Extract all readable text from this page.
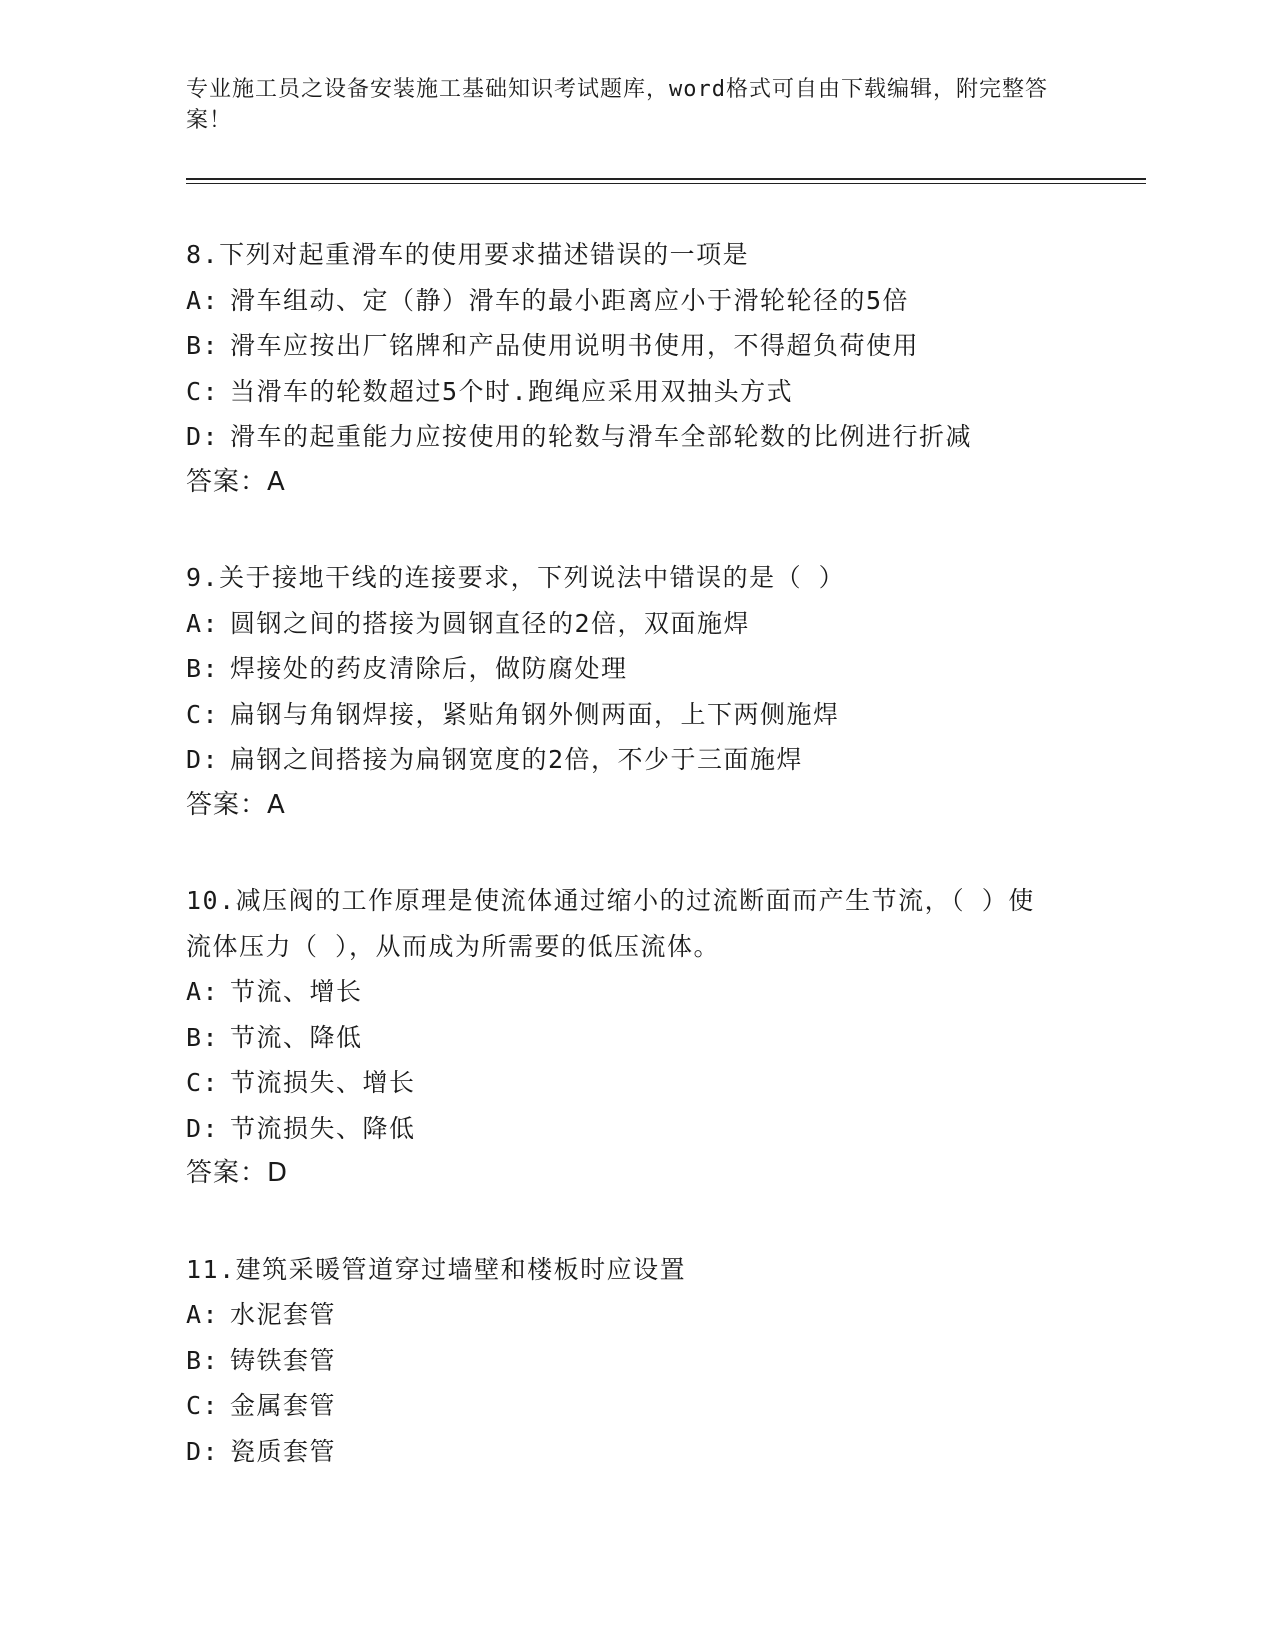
专业施工员之设备安装施工基础知识考试题库，word格式可自由下载编辑，附完整答案！
8.下列对起重滑车的使用要求描述错误的一项是
A: 滑车组动、定（静）滑车的最小距离应小于滑轮轮径的5倍
B: 滑车应按出厂铭牌和产品使用说明书使用，不得超负荷使用
C: 当滑车的轮数超过5个时.跑绳应采用双抽头方式
D: 滑车的起重能力应按使用的轮数与滑车全部轮数的比例进行折减
答案：A
9.关于接地干线的连接要求，下列说法中错误的是（ ）
A: 圆钢之间的搭接为圆钢直径的2倍，双面施焊
B: 焊接处的药皮清除后，做防腐处理
C: 扁钢与角钢焊接，紧贴角钢外侧两面，上下两侧施焊
D: 扁钢之间搭接为扁钢宽度的2倍，不少于三面施焊
答案：A
10.减压阀的工作原理是使流体通过缩小的过流断面而产生节流，（ ）使流体压力（ ），从而成为所需要的低压流体。
A: 节流、增长
B: 节流、降低
C: 节流损失、增长
D: 节流损失、降低
答案：D
11.建筑采暖管道穿过墙壁和楼板时应设置
A: 水泥套管
B: 铸铁套管
C: 金属套管
D: 瓷质套管
